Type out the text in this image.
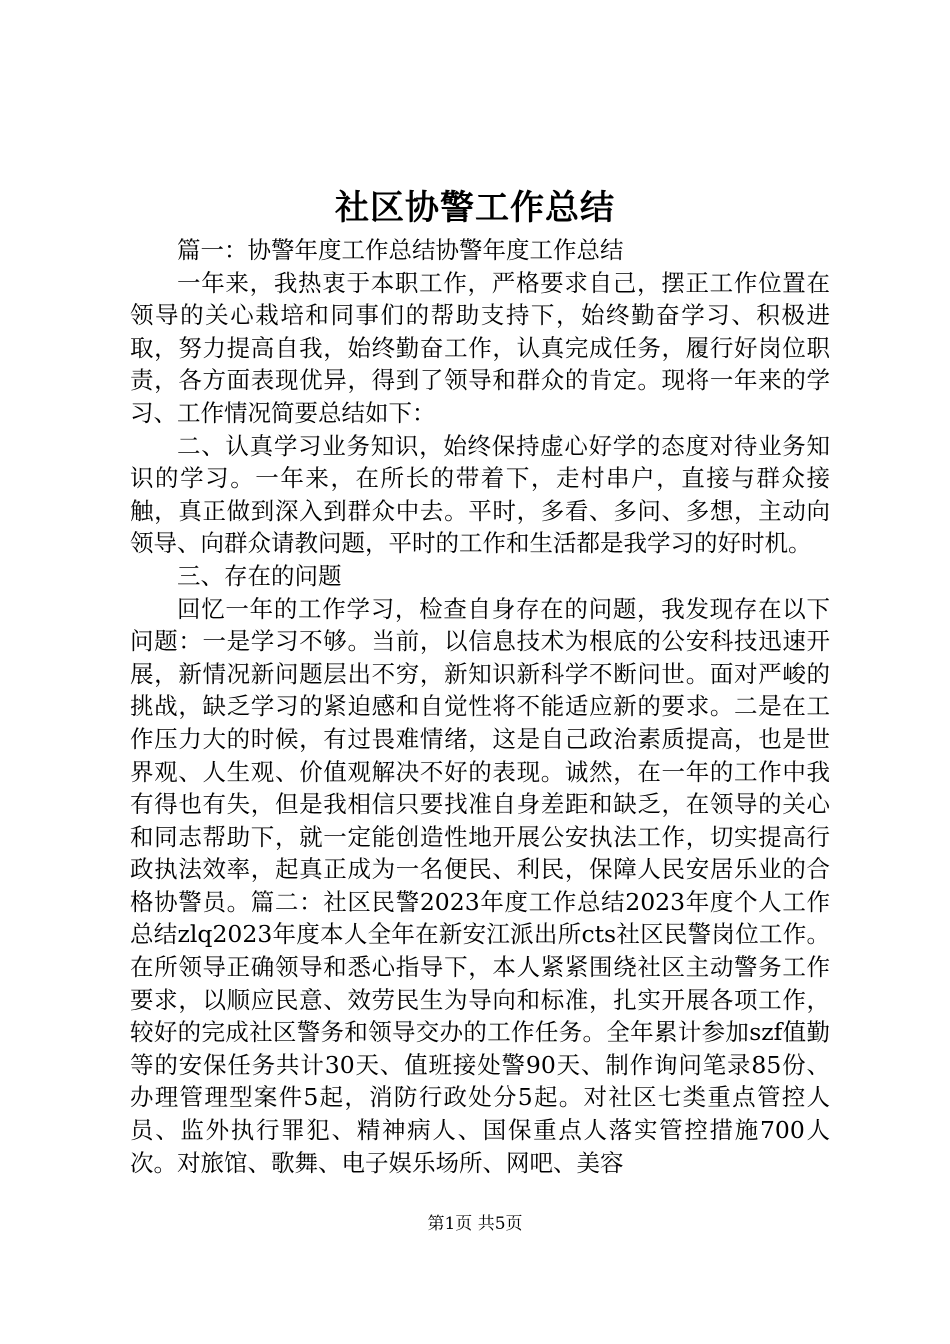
社区协警工作总结

篇一：协警年度工作总结协警年度工作总结

一年来，我热衷于本职工作，严格要求自己，摆正工作位置在领导的关心栽培和同事们的帮助支持下，始终勤奋学习、积极进取，努力提高自我，始终勤奋工作，认真完成任务，履行好岗位职责，各方面表现优异，得到了领导和群众的肯定。现将一年来的学习、工作情况简要总结如下：

二、认真学习业务知识，始终保持虚心好学的态度对待业务知识的学习。一年来，在所长的带着下，走村串户，直接与群众接触，真正做到深入到群众中去。平时，多看、多问、多想，主动向领导、向群众请教问题，平时的工作和生活都是我学习的好时机。

三、存在的问题

回忆一年的工作学习，检查自身存在的问题，我发现存在以下问题：一是学习不够。当前，以信息技术为根底的公安科技迅速开展，新情况新问题层出不穷，新知识新科学不断问世。面对严峻的挑战，缺乏学习的紧迫感和自觉性将不能适应新的要求。二是在工作压力大的时候，有过畏难情绪，这是自己政治素质提高，也是世界观、人生观、价值观解决不好的表现。诚然，在一年的工作中我有得也有失，但是我相信只要找准自身差距和缺乏，在领导的关心和同志帮助下，就一定能创造性地开展公安执法工作，切实提高行政执法效率，起真正成为一名便民、利民，保障人民安居乐业的合格协警员。篇二：社区民警2023年度工作总结2023年度个人工作总结zlq2023年度本人全年在新安江派出所cts社区民警岗位工作。在所领导正确领导和悉心指导下，本人紧紧围绕社区主动警务工作要求，以顺应民意、效劳民生为导向和标准，扎实开展各项工作，较好的完成社区警务和领导交办的工作任务。全年累计参加szf值勤等的安保任务共计30天、值班接处警90天、制作询问笔录85份、办理管理型案件5起，消防行政处分5起。对社区七类重点管控人员、监外执行罪犯、精神病人、国保重点人落实管控措施700人次。对旅馆、歌舞、电子娱乐场所、网吧、美容

第1页 共5页
